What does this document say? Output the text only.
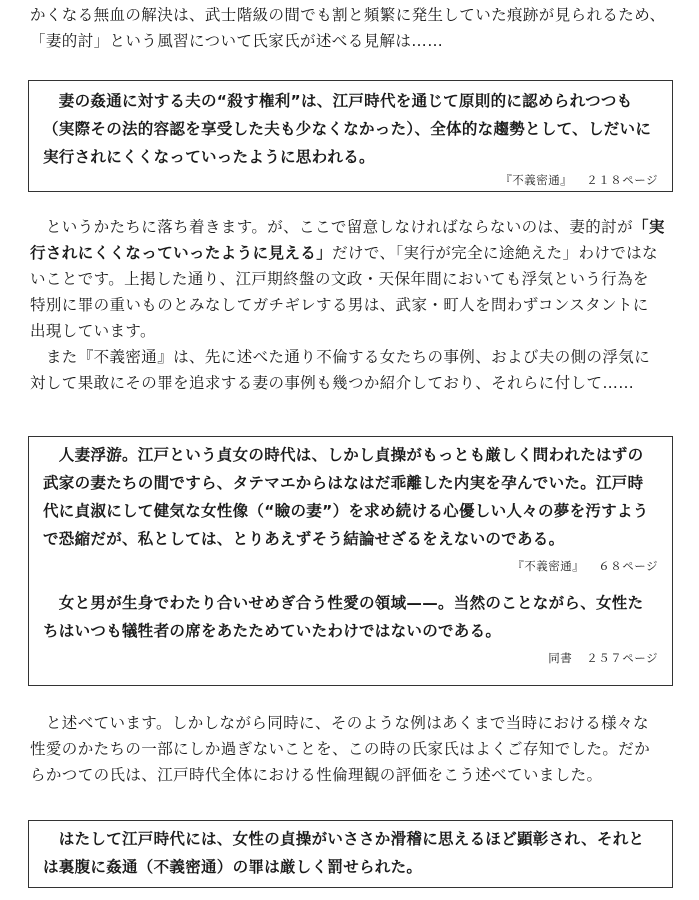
かくなる無血の解決は、武士階級の間でも割と頻繁に発生していた痕跡が見られるため、
「妻的討」という風習について氏家氏が述べる見解は……

　妻の姦通に対する夫の“殺す権利”は、江戸時代を通じて原則的に認められつつも
（実際その法的容認を享受した夫も少なくなかった）、全体的な趨勢として、しだいに
実行されにくくなっていったように思われる。

『不義密通』 ２１８ページ

　というかたちに落ち着きます。が、ここで留意しなければならないのは、妻的討が「実
行されにくくなっていったように見える」だけで、「実行が完全に途絶えた」わけではな
いことです。上掲した通り、江戸期終盤の文政・天保年間においても浮気という行為を
特別に罪の重いものとみなしてガチギレする男は、武家・町人を問わずコンスタントに
出現しています。
　また『不義密通』は、先に述べた通り不倫する女たちの事例、および夫の側の浮気に
対して果敢にその罪を追求する妻の事例も幾つか紹介しており、それらに付して……

　人妻浮游。江戸という貞女の時代は、しかし貞操がもっとも厳しく問われたはずの
武家の妻たちの間ですら、タテマエからはなはだ乖離した内実を孕んでいた。江戸時
代に貞淑にして健気な女性像（“瞼の妻”）を求め続ける心優しい人々の夢を汚すよう
で恐縮だが、私としては、とりあえずそう結論せざるをえないのである。

『不義密通』 ６８ページ

　女と男が生身でわたり合いせめぎ合う性愛の領域——。当然のことながら、女性た
ちはいつも犠牲者の席をあたためていたわけではないのである。

同書 ２５７ページ

　と述べています。しかしながら同時に、そのような例はあくまで当時における様々な
性愛のかたちの一部にしか過ぎないことを、この時の氏家氏はよくご存知でした。だか
らかつての氏は、江戸時代全体における性倫理観の評価をこう述べていました。

　はたして江戸時代には、女性の貞操がいささか滑稽に思えるほど顕彰され、それと
は裏腹に姦通（不義密通）の罪は厳しく罰せられた。
